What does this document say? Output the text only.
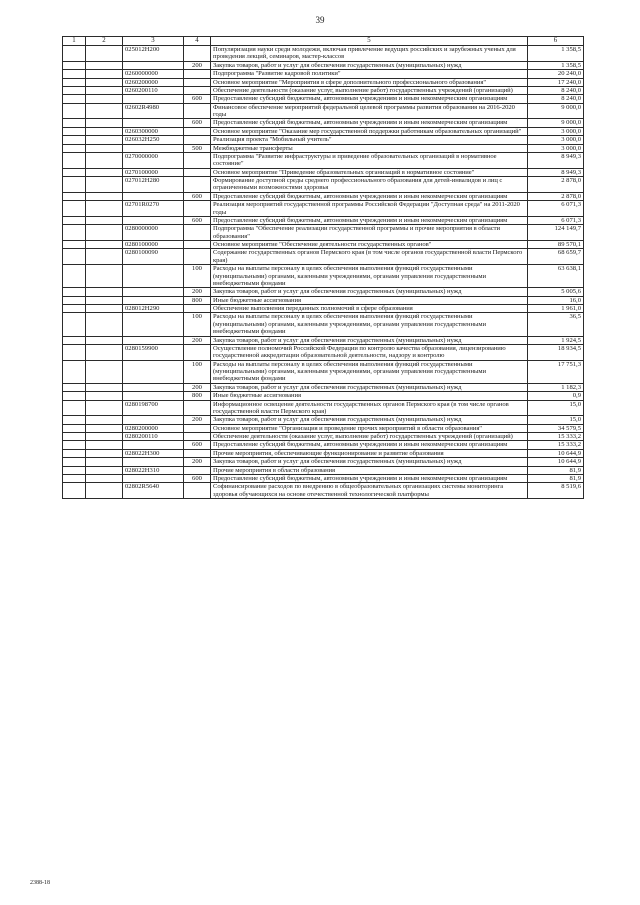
39
1	2	3	4	5	6
		025012Н200		Популяризация науки среди молодежи, включая привлечение ведущих российских и зарубежных ученых для проведения лекций, семинаров, мастер-классов	1 358,5
			200	Закупка товаров, работ и услуг для обеспечения государственных (муниципальных) нужд	1 358,5
		0260000000		Подпрограмма "Развитие кадровой политики"	20 240,0
		0260200000		Основное мероприятие "Мероприятия в сфере дополнительного профессионального образования"	17 240,0
		0260200110		Обеспечение деятельности (оказание услуг, выполнение работ) государственных учреждений (организаций)	8 240,0
			600	Предоставление субсидий бюджетным, автономным учреждениям и иным некоммерческим организациям	8 240,0
		02602R4980		Финансовое обеспечение мероприятий федеральной целевой программы развития образования на 2016-2020 годы	9 000,0
			600	Предоставление субсидий бюджетным, автономным учреждениям и иным некоммерческим организациям	9 000,0
		0260300000		Основное мероприятие "Оказание мер государственной поддержки работникам образовательных организаций"	3 000,0
		026032Н250		Реализация проекта "Мобильный учитель"	3 000,0
			500	Межбюджетные трансферты	3 000,0
		0270000000		Подпрограмма "Развитие инфраструктуры и приведение образовательных организаций в нормативное состояние"	8 949,3
		0270100000		Основное мероприятие "Приведение образовательных организаций в нормативное состояние"	8 949,3
		027012Н280		Формирование доступной среды среднего профессионального образования для детей-инвалидов и лиц с ограниченными возможностями здоровья	2 878,0
			600	Предоставление субсидий бюджетным, автономным учреждениям и иным некоммерческим организациям	2 878,0
		02701R0270		Реализация мероприятий государственной программы Российской Федерации "Доступная среда" на 2011-2020 годы	6 071,3
			600	Предоставление субсидий бюджетным, автономным учреждениям и иным некоммерческим организациям	6 071,3
		0280000000		Подпрограмма "Обеспечение реализации государственной программы и прочие мероприятия в области образования"	124 149,7
		0280100000		Основное мероприятие "Обеспечение деятельности государственных органов"	89 570,1
		0280100090		Содержание государственных органов Пермского края (в том числе органов государственной власти Пермского края)	68 659,7
			100	Расходы на выплаты персоналу в целях обеспечения выполнения функций государственными (муниципальными) органами, казенными учреждениями, органами управления государственными внебюджетными фондами	63 638,1
			200	Закупка товаров, работ и услуг для обеспечения государственных (муниципальных) нужд	5 005,6
			800	Иные бюджетные ассигнования	16,0
		028012Н290		Обеспечение выполнения переданных полномочий в сфере образования	1 961,0
			100	Расходы на выплаты персоналу в целях обеспечения выполнения функций государственными (муниципальными) органами, казенными учреждениями, органами управления государственными внебюджетными фондами	36,5
			200	Закупка товаров, работ и услуг для обеспечения государственных (муниципальных) нужд	1 924,5
		0280159900		Осуществление полномочий Российской Федерации по контролю качества образования, лицензированию государственной аккредитации образовательной деятельности, надзору и контролю	18 934,5
			100	Расходы на выплаты персоналу в целях обеспечения выполнения функций государственными (муниципальными) органами, казенными учреждениями, органами управления государственными внебюджетными фондами	17 751,3
			200	Закупка товаров, работ и услуг для обеспечения государственных (муниципальных) нужд	1 182,3
			800	Иные бюджетные ассигнования	0,9
		0280198700		Информационное освещение деятельности государственных органов Пермского края (в том числе органов государственной власти Пермского края)	15,0
			200	Закупка товаров, работ и услуг для обеспечения государственных (муниципальных) нужд	15,0
		0280200000		Основное мероприятие "Организация и проведение прочих мероприятий в области образования"	34 579,5
		0280200110		Обеспечение деятельности (оказание услуг, выполнение работ) государственных учреждений (организаций)	15 333,2
			600	Предоставление субсидий бюджетным, автономным учреждениям и иным некоммерческим организациям	15 333,2
		028022Н300		Прочие мероприятия, обеспечивающие функционирование и развитие образования	10 644,9
			200	Закупка товаров, работ и услуг для обеспечения государственных (муниципальных) нужд	10 644,9
		028022Н310		Прочие мероприятия в области образования	81,9
			600	Предоставление субсидий бюджетным, автономным учреждениям и иным некоммерческим организациям	81,9
		02802R5640		Софинансирование расходов по внедрению в общеобразовательных организациях системы мониторинга здоровья обучающихся на основе отечественной технологической платформы	8 519,6
2388-18
